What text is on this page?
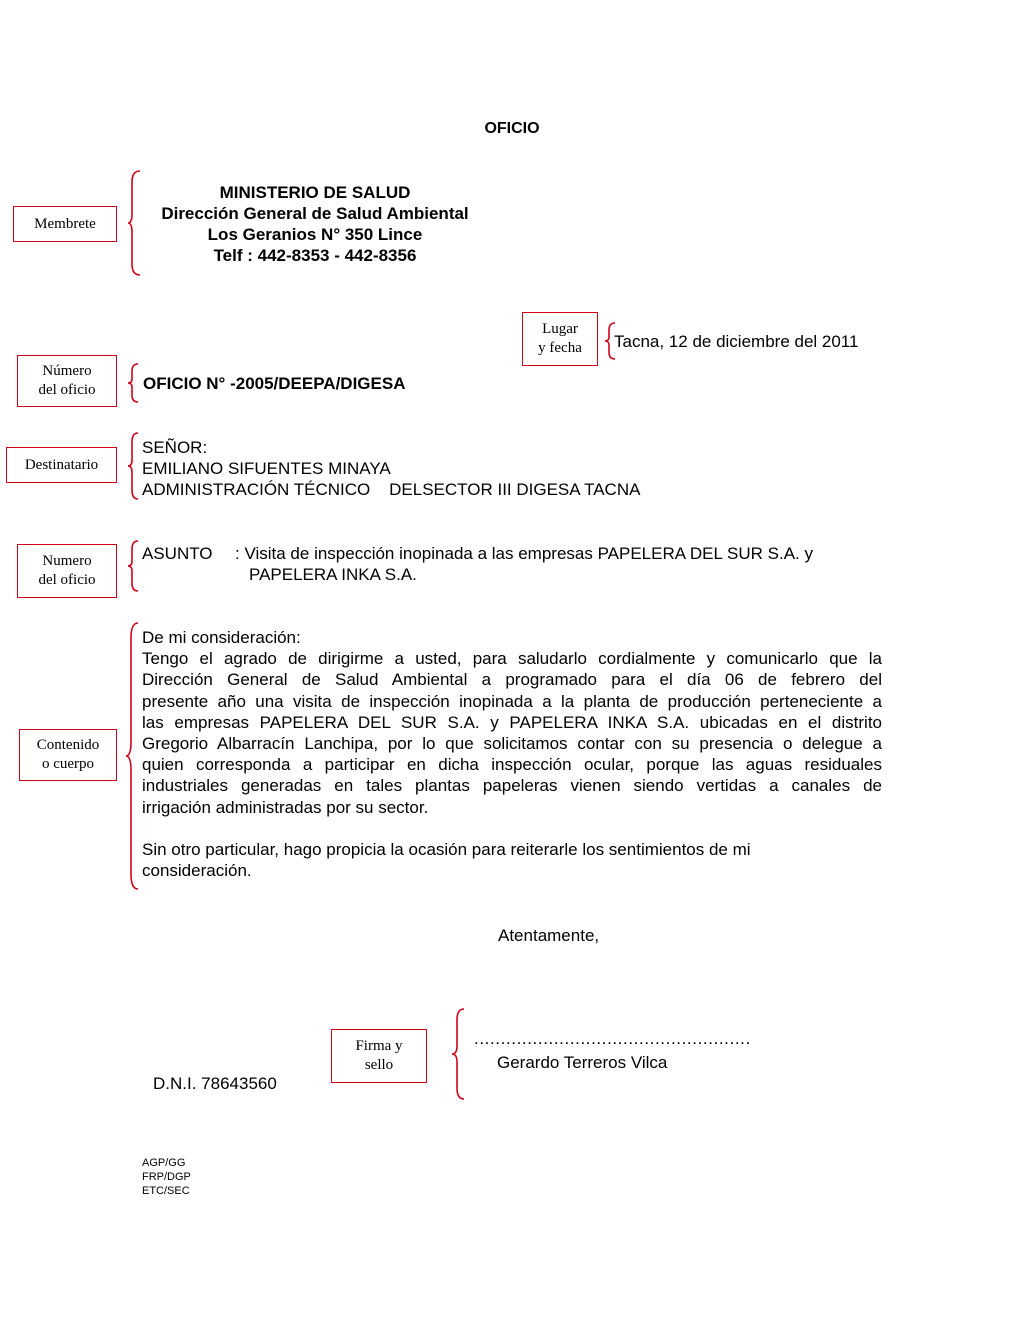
OFICIO
Membrete
MINISTERIO DE SALUD
Dirección General de Salud Ambiental
Los Geranios N° 350 Lince
Telf : 442-8353 - 442-8356
Lugar
y fecha Tacna, 12 de diciembre del 2011
Número
del oficio	OFICIO N° -2005/DEEPA/DIGESA
Destinatario
SEÑOR:
EMILIANO SIFUENTES MINAYA
ADMINISTRACIÓN TÉCNICO    DELSECTOR III DIGESA TACNA
Numero
del oficio
ASUNTO : Visita de inspección inopinada a las empresas PAPELERA DEL SUR S.A. y
PAPELERA INKA S.A.
Contenido
o cuerpo
De mi consideración:
Tengo el agrado de dirigirme a usted, para saludarlo cordialmente y comunicarlo que la
Dirección General de Salud Ambiental a programado para el día 06 de febrero del
presente año una visita de inspección inopinada a la planta de producción perteneciente a
las empresas PAPELERA DEL SUR S.A. y PAPELERA INKA S.A. ubicadas en el distrito
Gregorio Albarracín Lanchipa, por lo que solicitamos contar con su presencia o delegue a
quien corresponda a participar en dicha inspección ocular, porque las aguas residuales
industriales generadas en tales plantas papeleras vienen siendo vertidas a canales de
irrigación administradas por su sector.
Sin otro particular, hago propicia la ocasión para reiterarle los sentimientos de mi
consideración.
Atentamente,
Firma y
sello
....................................................
Gerardo Terreros Vilca
D.N.I. 78643560
AGP/GG
FRP/DGP
ETC/SEC
